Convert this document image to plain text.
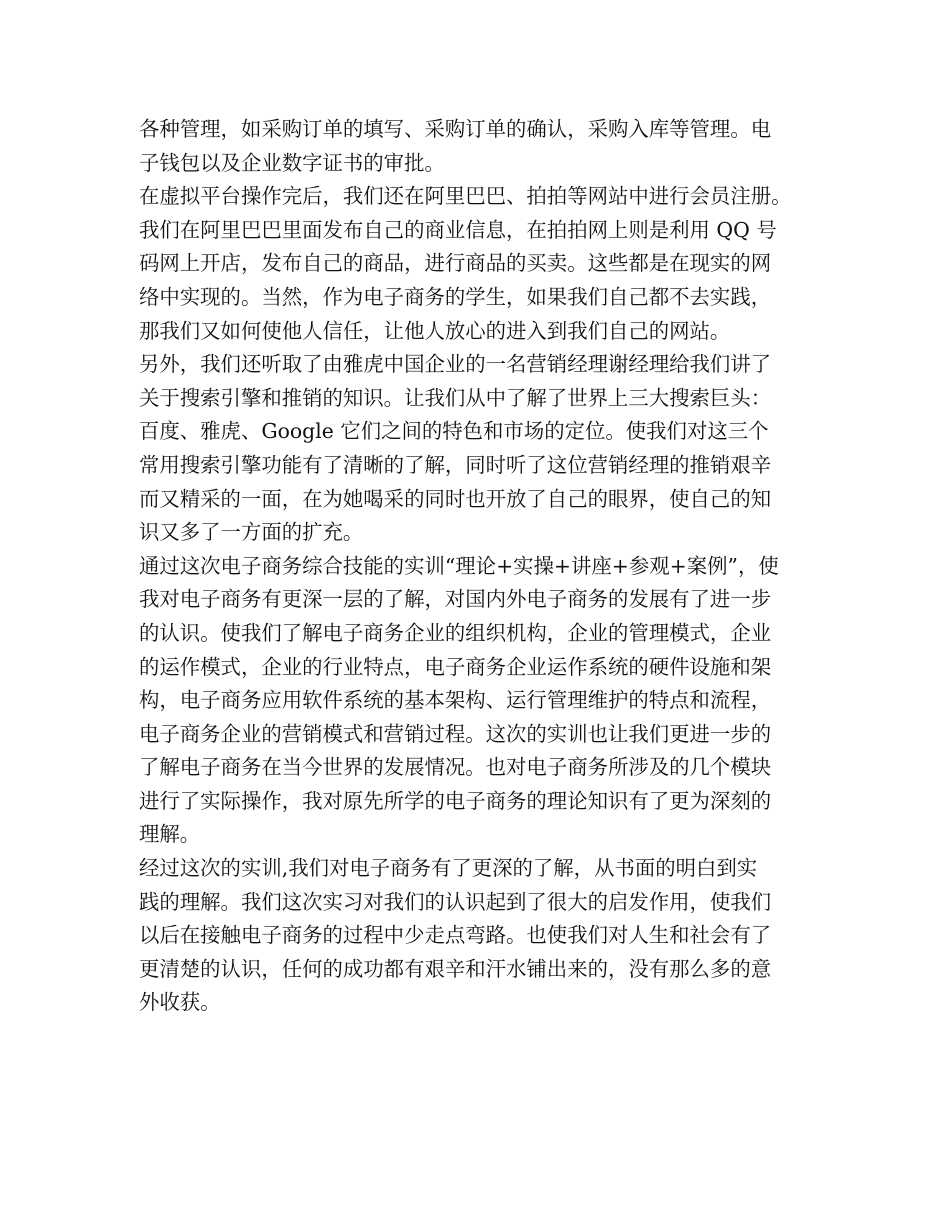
各种管理，如采购订单的填写、采购订单的确认，采购入库等管理。电
子钱包以及企业数字证书的审批。
在虚拟平台操作完后，我们还在阿里巴巴、拍拍等网站中进行会员注册。
我们在阿里巴巴里面发布自己的商业信息，在拍拍网上则是利用 QQ 号
码网上开店，发布自己的商品，进行商品的买卖。这些都是在现实的网
络中实现的。当然，作为电子商务的学生，如果我们自己都不去实践，
那我们又如何使他人信任，让他人放心的进入到我们自己的网站。
另外，我们还听取了由雅虎中国企业的一名营销经理谢经理给我们讲了
关于搜索引擎和推销的知识。让我们从中了解了世界上三大搜索巨头：
百度、雅虎、Google 它们之间的特色和市场的定位。使我们对这三个
常用搜索引擎功能有了清晰的了解，同时听了这位营销经理的推销艰辛
而又精采的一面，在为她喝采的同时也开放了自己的眼界，使自己的知
识又多了一方面的扩充。
通过这次电子商务综合技能的实训“理论+实操+讲座+参观+案例”，使
我对电子商务有更深一层的了解，对国内外电子商务的发展有了进一步
的认识。使我们了解电子商务企业的组织机构，企业的管理模式，企业
的运作模式，企业的行业特点，电子商务企业运作系统的硬件设施和架
构，电子商务应用软件系统的基本架构、运行管理维护的特点和流程，
电子商务企业的营销模式和营销过程。这次的实训也让我们更进一步的
了解电子商务在当今世界的发展情况。也对电子商务所涉及的几个模块
进行了实际操作，我对原先所学的电子商务的理论知识有了更为深刻的
理解。
经过这次的实训,我们对电子商务有了更深的了解，从书面的明白到实
践的理解。我们这次实习对我们的认识起到了很大的启发作用，使我们
以后在接触电子商务的过程中少走点弯路。也使我们对人生和社会有了
更清楚的认识，任何的成功都有艰辛和汗水铺出来的，没有那么多的意
外收获。
